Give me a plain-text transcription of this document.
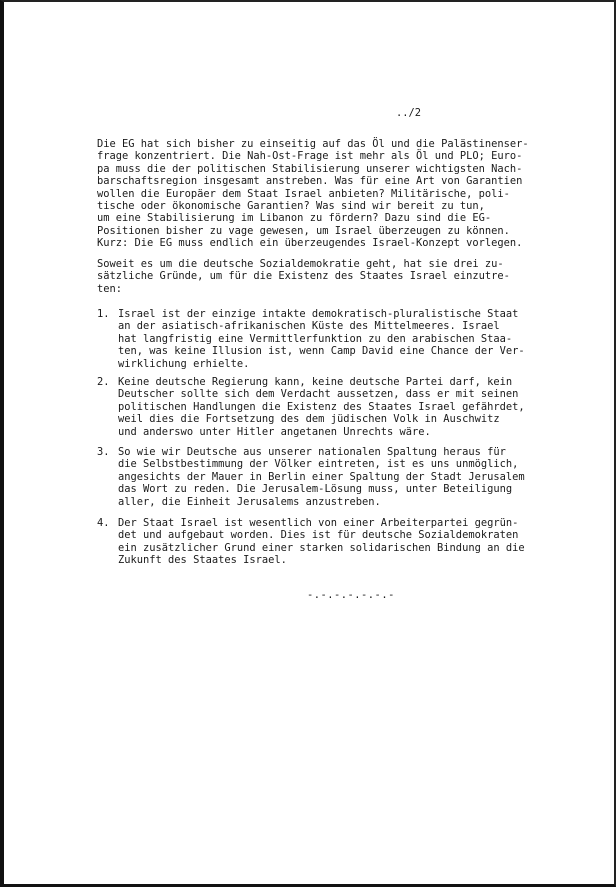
../2
Die EG hat sich bisher zu einseitig auf das Öl und die Palästinenser-
frage konzentriert. Die Nah-Ost-Frage ist mehr als Öl und PLO; Euro-
pa muss die der politischen Stabilisierung unserer wichtigsten Nach-
barschaftsregion insgesamt anstreben. Was für eine Art von Garantien
wollen die Europäer dem Staat Israel anbieten? Militärische, poli-
tische oder ökonomische Garantien? Was sind wir bereit zu tun,
um eine Stabilisierung im Libanon zu fördern? Dazu sind die EG-
Positionen bisher zu vage gewesen, um Israel überzeugen zu können.
Kurz: Die EG muss endlich ein überzeugendes Israel-Konzept vorlegen.
Soweit es um die deutsche Sozialdemokratie geht, hat sie drei zu-
sätzliche Gründe, um für die Existenz des Staates Israel einzutre-
ten:
1. Israel ist der einzige intakte demokratisch-pluralistische Staat
an der asiatisch-afrikanischen Küste des Mittelmeeres. Israel
hat langfristig eine Vermittlerfunktion zu den arabischen Staa-
ten, was keine Illusion ist, wenn Camp David eine Chance der Ver-
wirklichung erhielte.
2. Keine deutsche Regierung kann, keine deutsche Partei darf, kein
Deutscher sollte sich dem Verdacht aussetzen, dass er mit seinen
politischen Handlungen die Existenz des Staates Israel gefährdet,
weil dies die Fortsetzung des dem jüdischen Volk in Auschwitz
und anderswo unter Hitler angetanen Unrechts wäre.
3. So wie wir Deutsche aus unserer nationalen Spaltung heraus für
die Selbstbestimmung der Völker eintreten, ist es uns unmöglich,
angesichts der Mauer in Berlin einer Spaltung der Stadt Jerusalem
das Wort zu reden. Die Jerusalem-Lösung muss, unter Beteiligung
aller, die Einheit Jerusalems anzustreben.
4. Der Staat Israel ist wesentlich von einer Arbeiterpartei gegrün-
det und aufgebaut worden. Dies ist für deutsche Sozialdemokraten
ein zusätzlicher Grund einer starken solidarischen Bindung an die
Zukunft des Staates Israel.
-.-.-.-.-.-.-
